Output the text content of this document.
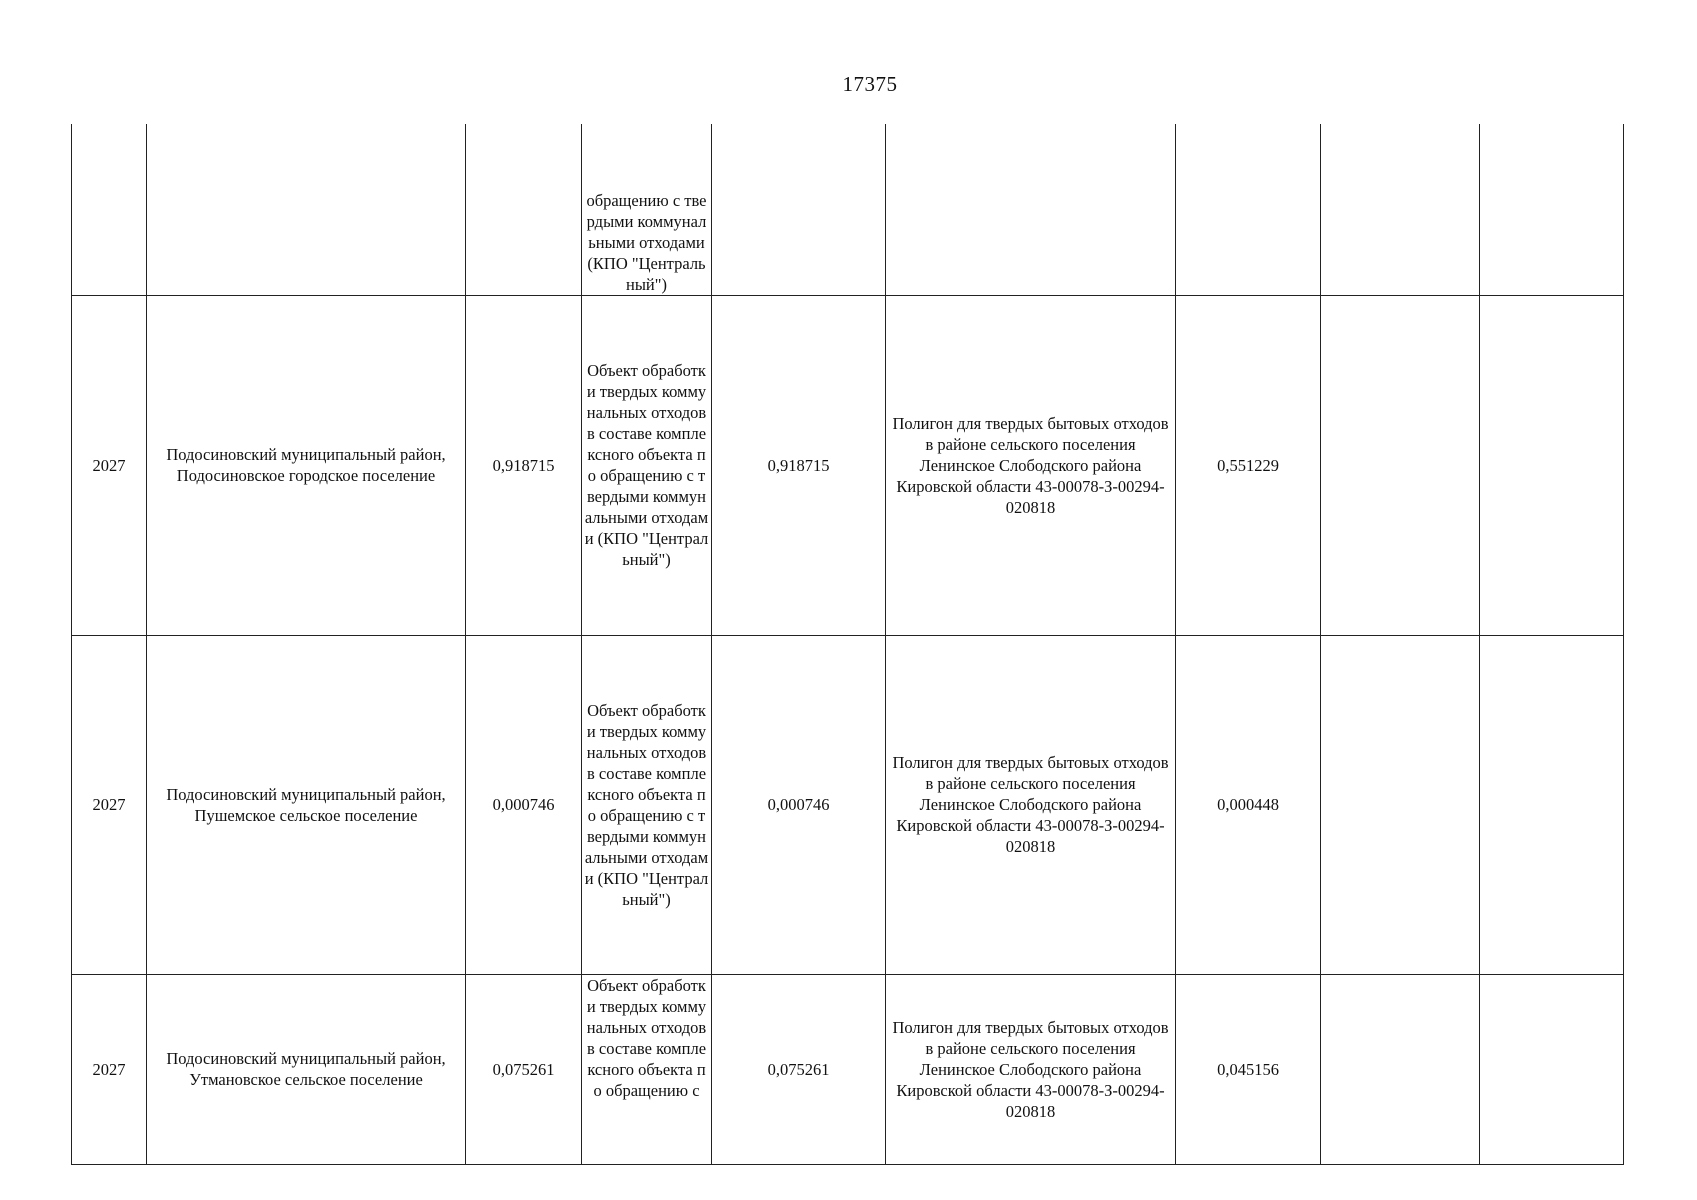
17375

			обращению с твердыми коммунальными отходами (КПО "Центральный")					

2027	Подосиновский муниципальный район, Подосиновское городское поселение	0,918715	Объект обработки твердых коммунальных отходов в составе комплексного объекта по обращению с твердыми коммунальными отходами (КПО "Центральный")	0,918715	Полигон для твердых бытовых отходов в районе сельского поселения Ленинское Слободского района Кировской области 43-00078-З-00294-020818	0,551229		
2027	Подосиновский муниципальный район, Пушемское сельское поселение	0,000746	Объект обработки твердых коммунальных отходов в составе комплексного объекта по обращению с твердыми коммунальными отходами (КПО "Центральный")	0,000746	Полигон для твердых бытовых отходов в районе сельского поселения Ленинское Слободского района Кировской области 43-00078-З-00294-020818	0,000448		
2027	Подосиновский муниципальный район, Утмановское сельское поселение	0,075261	Объект обработки твердых коммунальных отходов в составе комплексного объекта по обращению с	0,075261	Полигон для твердых бытовых отходов в районе сельского поселения Ленинское Слободского района Кировской области 43-00078-З-00294-020818	0,045156		
